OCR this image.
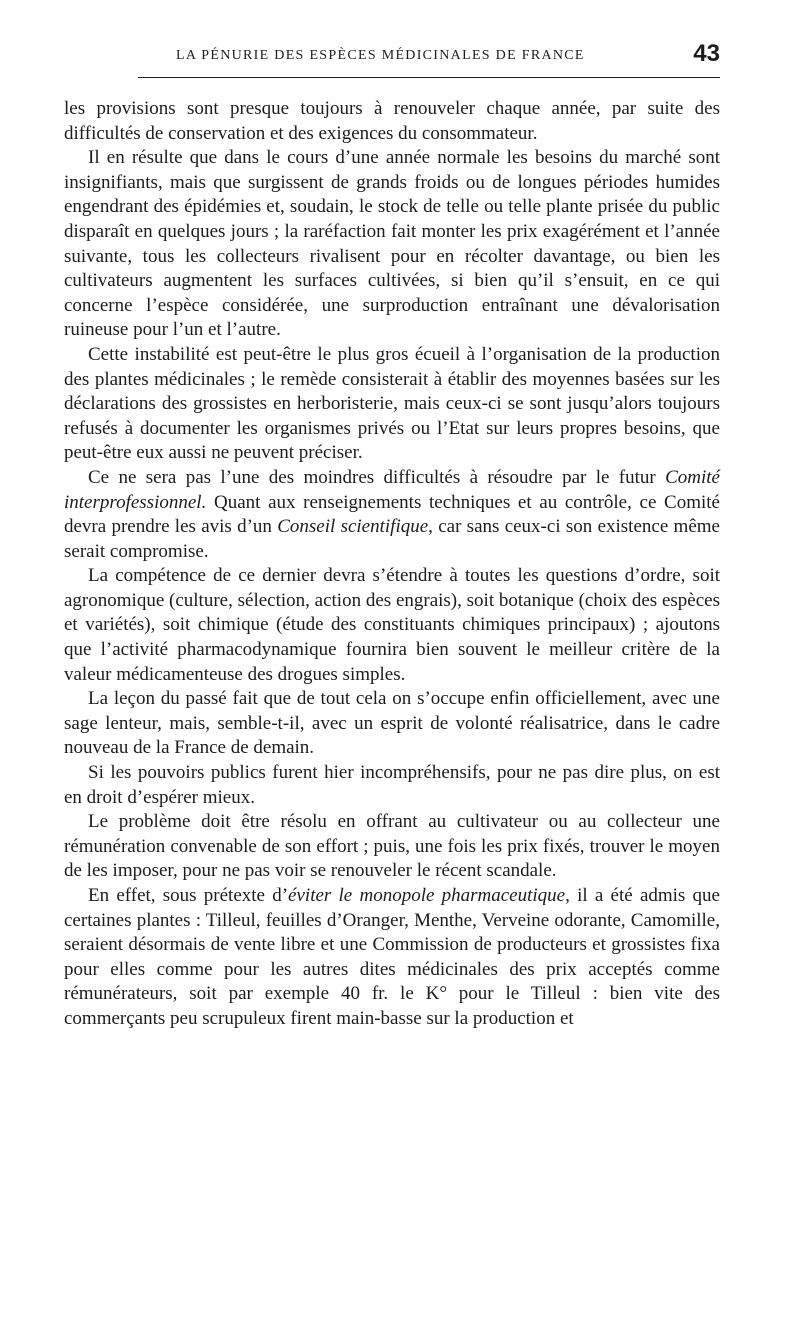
LA PÉNURIE DES ESPÈCES MÉDICINALES DE FRANCE	43

les provisions sont presque toujours à renouveler chaque année, par suite des difficultés de conservation et des exigences du consommateur.

Il en résulte que dans le cours d’une année normale les besoins du marché sont insignifiants, mais que surgissent de grands froids ou de longues périodes humides engendrant des épidémies et, soudain, le stock de telle ou telle plante prisée du public disparaît en quelques jours ; la raréfaction fait monter les prix exagérément et l’année suivante, tous les collecteurs rivalisent pour en récolter davantage, ou bien les cultivateurs augmentent les surfaces cultivées, si bien qu’il s’ensuit, en ce qui concerne l’espèce considérée, une surproduction entraînant une dévalorisation ruineuse pour l’un et l’autre.

Cette instabilité est peut-être le plus gros écueil à l’organisation de la production des plantes médicinales ; le remède consisterait à établir des moyennes basées sur les déclarations des grossistes en herboristerie, mais ceux-ci se sont jusqu’alors toujours refusés à documenter les organismes privés ou l’Etat sur leurs propres besoins, que peut-être eux aussi ne peuvent préciser.

Ce ne sera pas l’une des moindres difficultés à résoudre par le futur Comité interprofessionnel. Quant aux renseignements techniques et au contrôle, ce Comité devra prendre les avis d’un Conseil scientifique, car sans ceux-ci son existence même serait compromise.

La compétence de ce dernier devra s’étendre à toutes les questions d’ordre, soit agronomique (culture, sélection, action des engrais), soit botanique (choix des espèces et variétés), soit chimique (étude des constituants chimiques principaux) ; ajoutons que l’activité pharmacodynamique fournira bien souvent le meilleur critère de la valeur médicamenteuse des drogues simples.

La leçon du passé fait que de tout cela on s’occupe enfin officiellement, avec une sage lenteur, mais, semble-t-il, avec un esprit de volonté réalisatrice, dans le cadre nouveau de la France de demain.

Si les pouvoirs publics furent hier incompréhensifs, pour ne pas dire plus, on est en droit d’espérer mieux.

Le problème doit être résolu en offrant au cultivateur ou au collecteur une rémunération convenable de son effort ; puis, une fois les prix fixés, trouver le moyen de les imposer, pour ne pas voir se renouveler le récent scandale.

En effet, sous prétexte d’éviter le monopole pharmaceutique, il a été admis que certaines plantes : Tilleul, feuilles d’Oranger, Menthe, Verveine odorante, Camomille, seraient désormais de vente libre et une Commission de producteurs et grossistes fixa pour elles comme pour les autres dites médicinales des prix acceptés comme rémunérateurs, soit par exemple 40 fr. le K° pour le Tilleul : bien vite des commerçants peu scrupuleux firent main-basse sur la production et
